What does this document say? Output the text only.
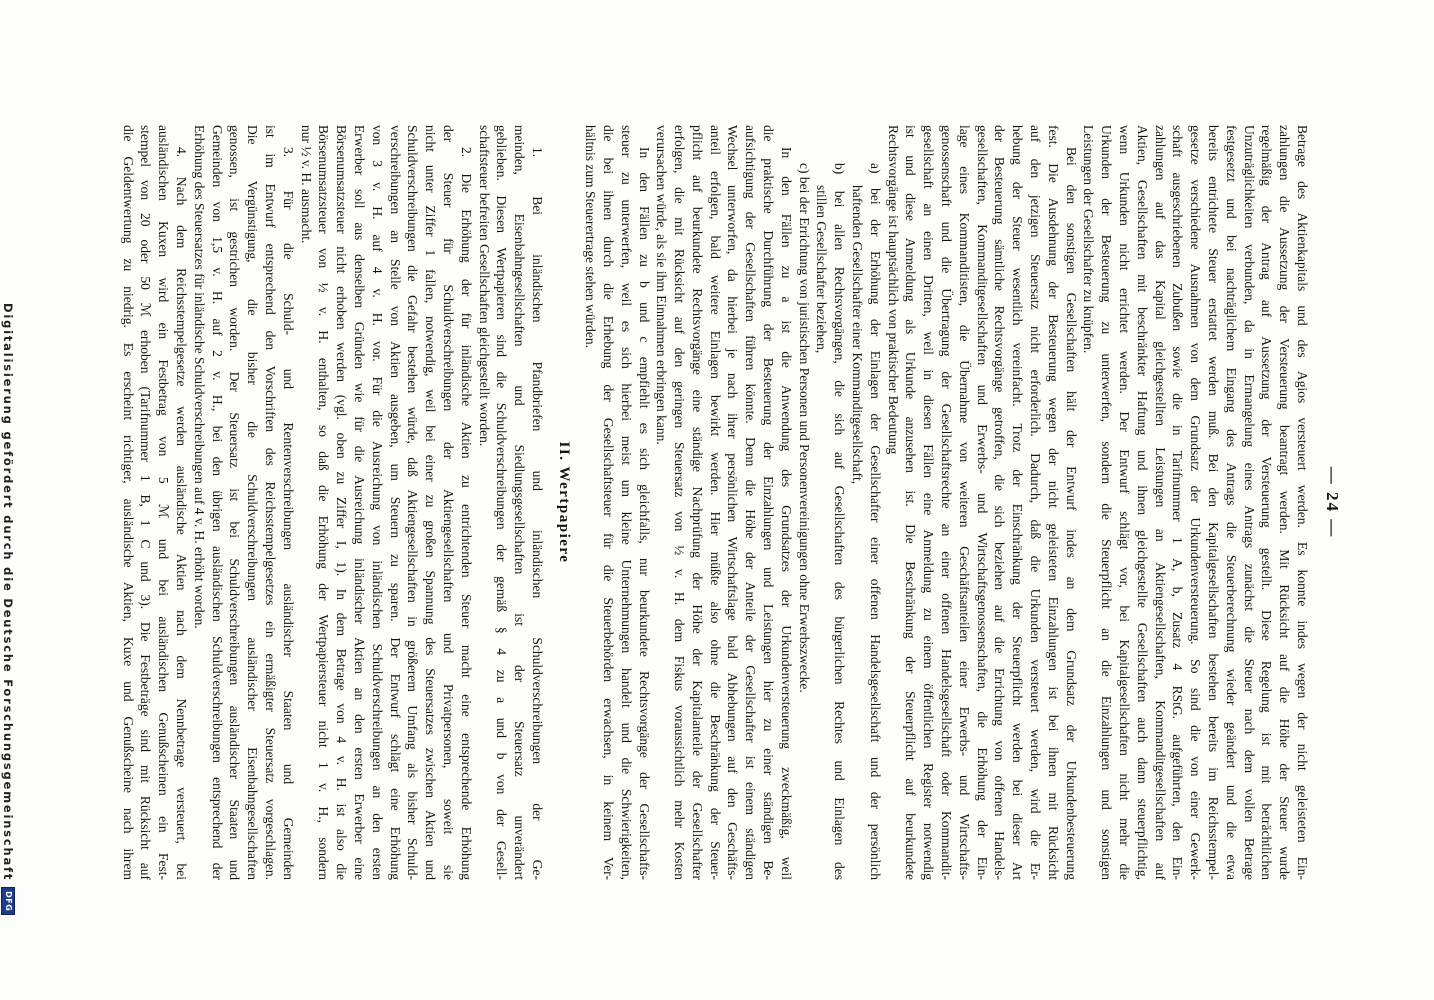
— 24 —
Betrage des Aktienkapitals und des Agios versteuert werden. Es konnte indes wegen der nicht geleisteten Ein-
zahlungen die Aussetzung der Versteuerung beantragt werden. Mit Rücksicht auf die Höhe der Steuer wurde
regelmäßig der Antrag auf Aussetzung der Versteuerung gestellt. Diese Regelung ist mit beträchtlichen
Unzuträglichkeiten verbunden, da in Ermangelung eines Antrags zunächst die Steuer nach dem vollen Betrage
festgesetzt und bei nachträglichem Eingang des Antrags die Steuerberechnung wieder geändert und die etwa
bereits entrichtete Steuer erstattet werden muß. Bei den Kapitalgesellschaften bestehen bereits im Reichsstempel-
gesetze verschiedene Ausnahmen von dem Grundsatz der Urkundenversteuerung. So sind die von einer Gewerk-
schaft ausgeschriebenen Zubußen sowie die in Tarifnummer 1 A, b, Zusatz 4 RStG. aufgeführten, den Ein-
zahlungen auf das Kapital gleichgestellten Leistungen an Aktiengesellschaften, Kommanditgesellschaften auf
Aktien, Gesellschaften mit beschränkter Haftung und ihnen gleichgestellte Gesellschaften auch dann steuerpflichtig,
wenn Urkunden nicht errichtet werden. Der Entwurf schlägt vor, bei Kapitalgesellschaften nicht mehr die
Urkunden der Besteuerung zu unterwerfen, sondern die Steuerpflicht an die Einzahlungen und sonstigen
Leistungen der Gesellschafter zu knüpfen.
Bei den sonstigen Gesellschaften hält der Entwurf indes an dem Grundsatz der Urkundenbesteuerung
fest. Die Ausdehnung der Besteuerung wegen der nicht geleisteten Einzahlungen ist bei ihnen mit Rücksicht
auf den jetzigen Steuersatz nicht erforderlich. Dadurch, daß die Urkunden versteuert werden, wird die Er-
hebung der Steuer wesentlich vereinfacht. Trotz der Einschränkung der Steuerpflicht werden bei dieser Art
der Besteuerung sämtliche Rechtsvorgänge getroffen, die sich beziehen auf die Errichtung von offenen Handels-
gesellschaften, Kommanditgesellschaften und Erwerbs- und Wirtschaftsgenossenschaften, die Erhöhung der Ein-
lage eines Kommanditisten, die Übernahme von weiteren Geschäftsanteilen einer Erwerbs- und Wirtschafts-
genossenschaft und die Übertragung der Gesellschaftsrechte an einer offenen Handelsgesellschaft oder Kommandit-
gesellschaft an einen Dritten, weil in diesen Fällen eine Anmeldung zu einem öffentlichen Register notwendig
ist und diese Anmeldung als Urkunde anzusehen ist. Die Beschränkung der Steuerpflicht auf beurkundete
Rechtsvorgänge ist hauptsächlich von praktischer Bedeutung
a) bei der Erhöhung der Einlagen der Gesellschafter einer offenen Handelsgesellschaft und der persönlich
haftenden Gesellschafter einer Kommanditgesellschaft,
b) bei allen Rechtsvorgängen, die sich auf Gesellschaften des bürgerlichen Rechtes und Einlagen des
stillen Gesellschafter beziehen,
c) bei der Errichtung von juristischen Personen und Personenvereinigungen ohne Erwerbszwecke.
In den Fällen zu a ist die Anwendung des Grundsatzes der Urkundenversteuerung zweckmäßig, weil
die praktische Durchführung der Besteuerung der Einzahlungen und Leistungen hier zu einer ständigen Be-
aufsichtigung der Gesellschaften führen könnte. Denn die Höhe der Anteile der Gesellschafter ist einem ständigen
Wechsel unterworfen, da hierbei je nach ihrer persönlichen Wirtschaftslage bald Abhebungen auf den Geschäfts-
anteil erfolgen, bald weitere Einlagen bewirkt werden. Hier müßte also ohne die Beschränkung der Steuer-
pflicht auf beurkundete Rechtsvorgänge eine ständige Nachprüfung der Höhe der Kapitalanteile der Gesellschafter
erfolgen, die mit Rücksicht auf den geringen Steuersatz von ½ v. H. dem Fiskus voraussichtlich mehr Kosten
verursachen würde, als sie ihm Einnahmen erbringen kann.
In den Fällen zu b und c empfiehlt es sich gleichfalls, nur beurkundete Rechtsvorgänge der Gesellschafts-
steuer zu unterwerfen, weil es sich hierbei meist um kleine Unternehmungen handelt und die Schwierigkeiten,
die bei ihnen durch die Erhebung der Gesellschaftsteuer für die Steuerbehörden erwachsen, in keinem Ver-
hältnis zum Steuerertrage stehen würden.
II. Wertpapiere
1. Bei inländischen Pfandbriefen und inländischen Schuldverschreibungen der Ge-
meinden, Eisenbahngesellschaften und Siedlungsgesellschaften ist der Steuersatz unverändert
geblieben. Diesen Wertpapieren sind die Schuldverschreibungen der gemäß § 4 zu a und b von der Gesell-
schaftsteuer befreiten Gesellschaften gleichgestellt worden.
2. Die Erhöhung der für inländische Aktien zu entrichtenden Steuer macht eine entsprechende Erhöhung
der Steuer für Schuldverschreibungen der Aktiengesellschaften und Privatpersonen, soweit sie
nicht unter Ziffer 1 fallen, notwendig, weil bei einer zu großen Spannung des Steuersatzes zwischen Aktien und
Schuldverschreibungen die Gefahr bestehen würde, daß Aktiengesellschaften in größerem Umfang als bisher Schuld-
verschreibungen an Stelle von Aktien ausgeben, um Steuern zu sparen. Der Entwurf schlägt eine Erhöhung
von 3 v. H. auf 4 v. H. vor. Für die Ausreichung von inländischen Schuldverschreibungen an den ersten
Erwerber soll aus denselben Gründen wie für die Ausreichung inländischer Aktien an den ersten Erwerber eine
Börsenumsatzsteuer nicht erhoben werden (vgl. oben zu Ziffer I, 1). In dem Betrage von 4 v. H. ist also die
Börsenumsatzsteuer von ½ v. H. enthalten, so daß die Erhöhung der Wertpapiersteuer nicht 1 v. H., sondern
nur ½ v. H. ausmacht.
3. Für die Schuld- und Rentenverschreibungen ausländischer Staaten und Gemeinden
ist im Entwurf entsprechend den Vorschriften des Reichsstempelgesetzes ein ermäßigter Steuersatz vorgeschlagen.
Die Vergünstigung, die bisher die Schuldverschreibungen ausländischer Eisenbahngesellschaften
genossen, ist gestrichen worden. Der Steuersatz ist bei Schuldverschreibungen ausländischer Staaten und
Gemeinden von 1,5 v. H. auf 2 v. H., bei den übrigen ausländischen Schuldverschreibungen entsprechend der
Erhöhung des Steuersatzes für inländische Schuldverschreibungen auf 4 v. H. erhöht worden.
4. Nach dem Reichsstempelgesetze werden ausländische Aktien nach dem Nennbetrage versteuert, bei
ausländischen Kuxen wird ein Festbetrag von 5 ℳ und bei ausländischen Genußscheinen ein Fest-
stempel von 20 oder 50 ℳ erhoben (Tarifnummer 1 B, 1 C und 3). Die Festbeträge sind mit Rücksicht auf
die Geldentwertung zu niedrig. Es erscheint richtiger, ausländische Aktien, Kuxe und Genußscheine nach ihrem
Digitalisierung gefördert durch die Deutsche Forschungsgemeinschaft
DFG
